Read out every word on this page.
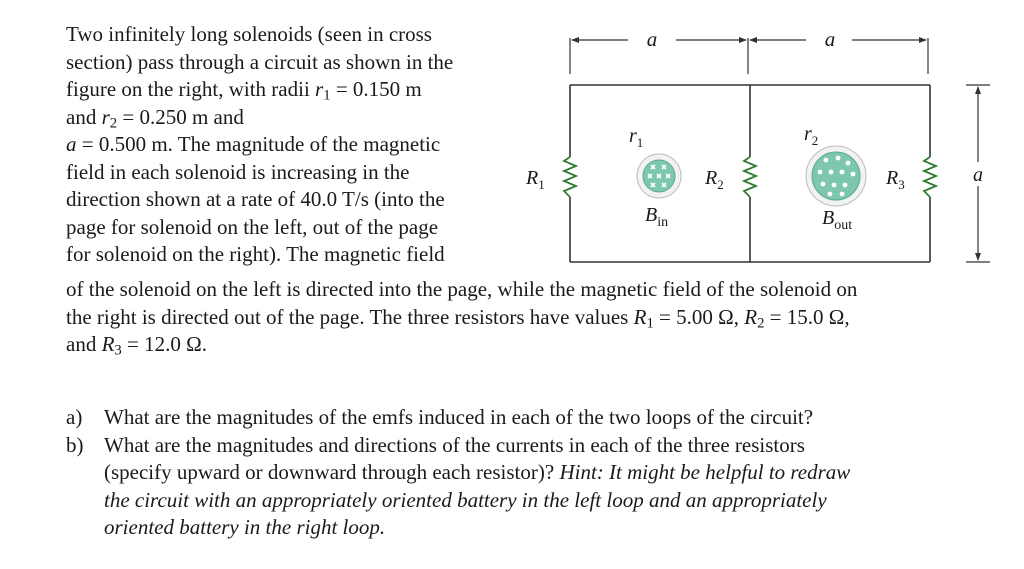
Two infinitely long solenoids (seen in cross
section) pass through a circuit as shown in the
figure on the right, with radii $r_1 = 0.150$ m
and $r_2 = 0.250$ m and
a = 0.500 m. The magnitude of the magnetic
field in each solenoid is increasing in the
direction shown at a rate of 40.0 T/s (into the
page for solenoid on the left, out of the page
for solenoid on the right). The magnetic field
of the solenoid on the left is directed into the page, while the magnetic field of the solenoid on
the right is directed out of the page. The three resistors have values $R_1 = 5.00$ Ω, $R_2 = 15.0$ Ω,
and $R_3 = 12.0$ Ω.
a)	What are the magnitudes of the emfs induced in each of the two loops of the circuit?
b) What are the magnitudes and directions of the currents in each of the three resistors
(specify upward or downward through each resistor)? Hint: It might be helpful to redraw
the circuit with an appropriately oriented battery in the left loop and an appropriately
oriented battery in the right loop.
a	a
a
$R_1$	$R_2$	$R_3$
$r_1$
$B_{in}$
$r_2$
$B_{out}$
